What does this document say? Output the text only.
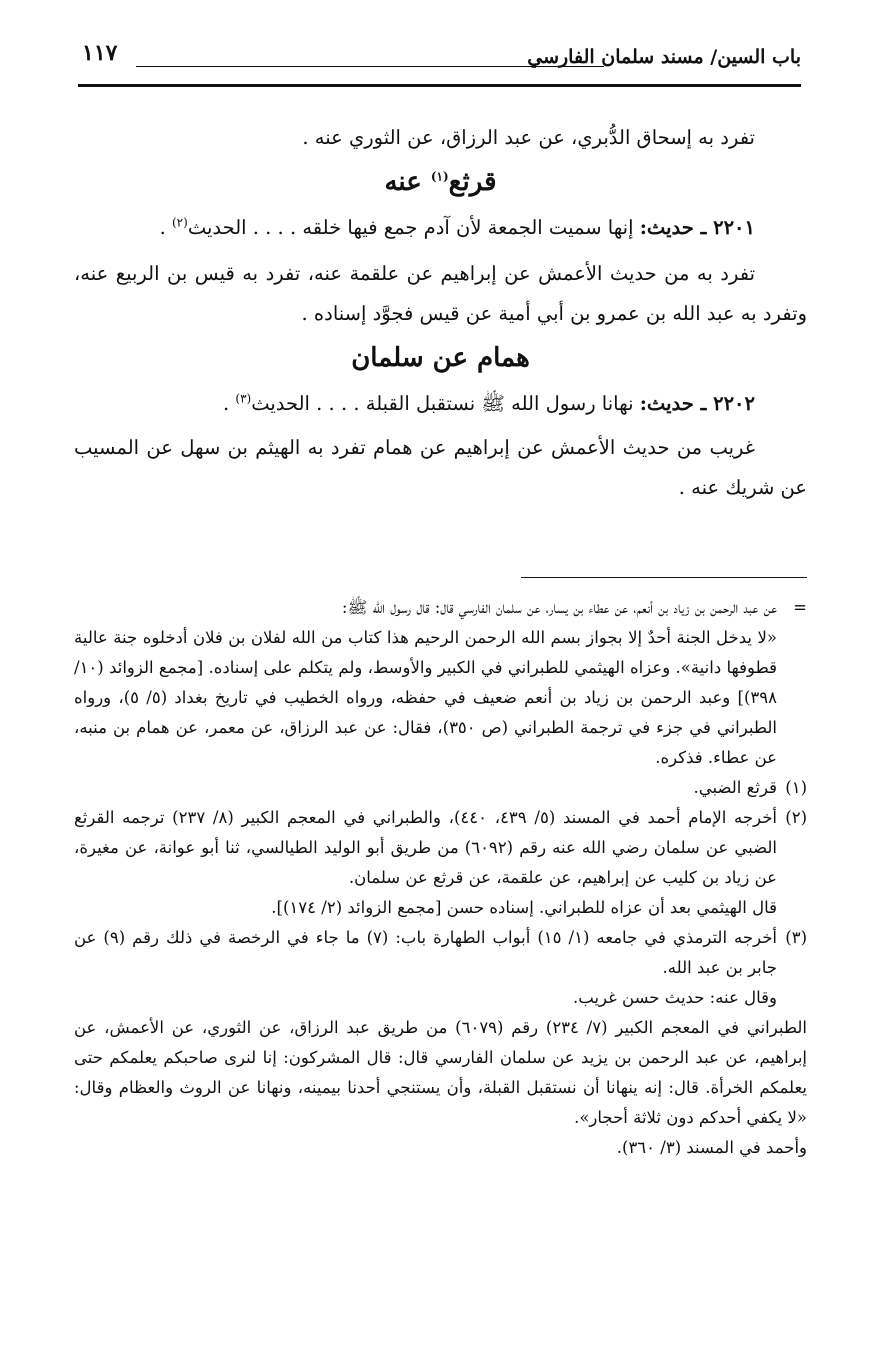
باب السين/ مسند سلمان الفارسي
١١٧

تفرد به إسحاق الدُّبري، عن عبد الرزاق، عن الثوري عنه .

قرثع$^{(١)}$ عنه

٢٢٠١ ـ حديث: إنها سميت الجمعة لأن آدم جمع فيها خلقه . . . . الحديث$^{(٢)}$ .

تفرد به من حديث الأعمش عن إبراهيم عن علقمة عنه، تفرد به قيس بن الربيع عنه، وتفرد به عبد الله بن عمرو بن أبي أمية عن قيس فجوَّد إسناده .

همام عن سلمان

٢٢٠٢ ـ حديث: نهانا رسول الله ﷺ نستقبل القبلة . . . . الحديث$^{(٣)}$ .

غريب من حديث الأعمش عن إبراهيم عن همام تفرد به الهيثم بن سهل عن المسيب عن شريك عنه .

=

عن عبد الرحمن بن زياد بن أنعم، عن عطاء بن يسار، عن سلمان الفارسي قال: قال رسول الله ﷺ:

«لا يدخل الجنة أحدٌ إلا بجواز بسم الله الرحمن الرحيم هذا كتاب من الله لفلان بن فلان أدخلوه جنة عالية قطوفها دانية». وعزاه الهيثمي للطبراني في الكبير والأوسط، ولم يتكلم على إسناده. [مجمع الزوائد (١٠/ ٣٩٨)] وعبد الرحمن بن زياد بن أنعم ضعيف في حفظه، ورواه الخطيب في تاريخ بغداد (٥/ ٥)، ورواه الطبراني في جزء في ترجمة الطبراني (ص ٣٥٠)، فقال: عن عبد الرزاق، عن معمر، عن همام بن منبه، عن عطاء. فذكره.

(١)

قرثع الضبي.

(٢)

أخرجه الإمام أحمد في المسند (٥/ ٤٣٩، ٤٤٠)، والطبراني في المعجم الكبير (٨/ ٢٣٧) ترجمه القرثع الضبي عن سلمان رضي الله عنه رقم (٦٠٩٢) من طريق أبو الوليد الطيالسي، ثنا أبو عوانة، عن مغيرة، عن زياد بن كليب عن إبراهيم، عن علقمة، عن قرثع عن سلمان.

قال الهيثمي بعد أن عزاه للطبراني. إسناده حسن [مجمع الزوائد (٢/ ١٧٤)].

(٣)

أخرجه الترمذي في جامعه (١/ ١٥) أبواب الطهارة باب: (٧) ما جاء في الرخصة في ذلك رقم (٩) عن جابر بن عبد الله.

وقال عنه: حديث حسن غريب.

الطبراني في المعجم الكبير (٧/ ٢٣٤) رقم (٦٠٧٩) من طريق عبد الرزاق، عن الثوري، عن الأعمش، عن إبراهيم، عن عبد الرحمن بن يزيد عن سلمان الفارسي قال: قال المشركون: إنا لنرى صاحبكم يعلمكم حتى يعلمكم الخرأة. قال: إنه ينهانا أن نستقبل القبلة، وأن يستنجي أحدنا بيمينه، ونهانا عن الروث والعظام وقال: «لا يكفي أحدكم دون ثلاثة أحجار».

وأحمد في المسند (٣/ ٣٦٠).
